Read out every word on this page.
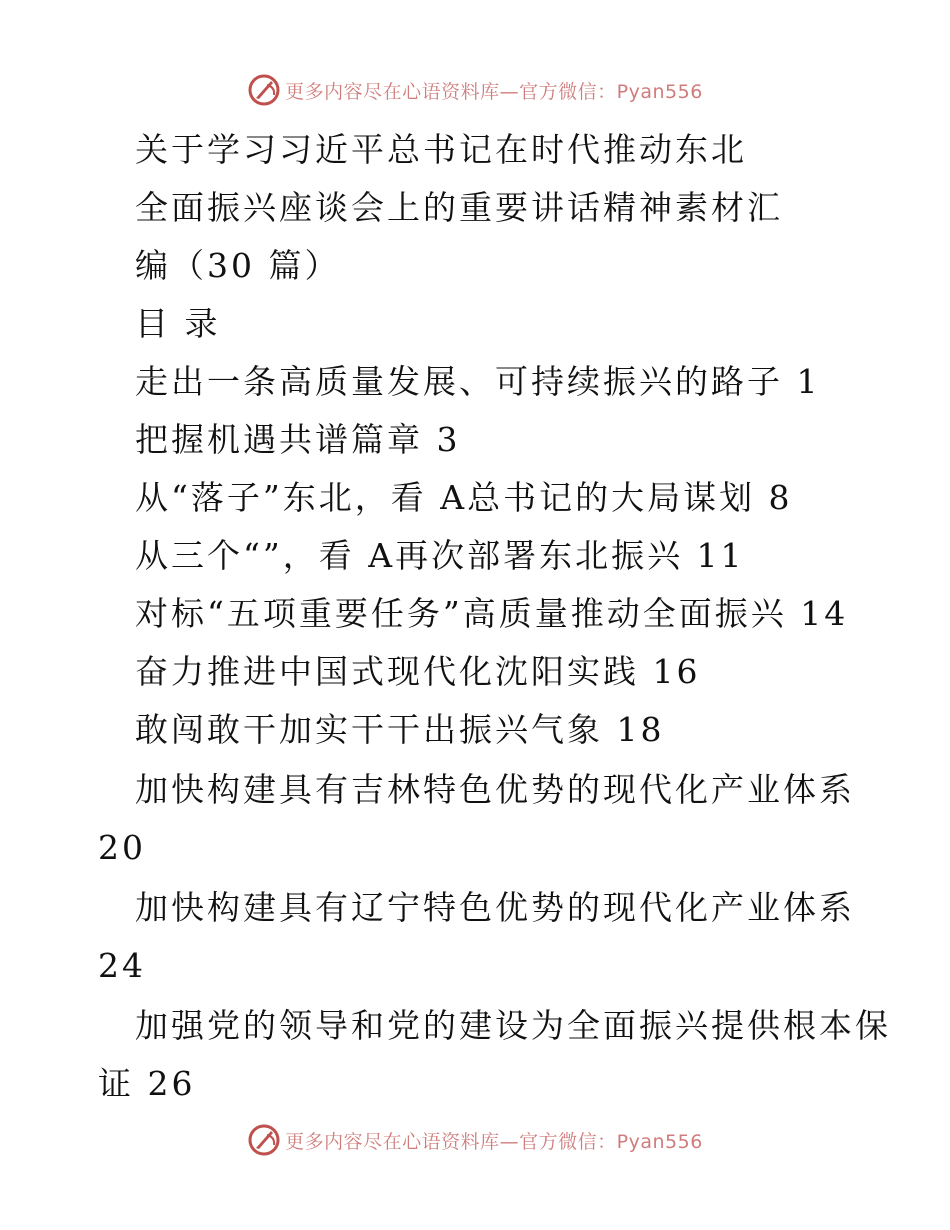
更多内容尽在心语资料库—官方微信：Pyan556
关于学习习近平总书记在时代推动东北
全面振兴座谈会上的重要讲话精神素材汇
编（30 篇）
目 录
走出一条高质量发展、可持续振兴的路子 1
把握机遇共谱篇章 3
从“落子”东北，看 A总书记的大局谋划 8
从三个“”，看 A再次部署东北振兴 11
对标“五项重要任务”高质量推动全面振兴 14
奋力推进中国式现代化沈阳实践 16
敢闯敢干加实干干出振兴气象 18
加快构建具有吉林特色优势的现代化产业体系
20
加快构建具有辽宁特色优势的现代化产业体系
24
加强党的领导和党的建设为全面振兴提供根本保
证 26
更多内容尽在心语资料库—官方微信：Pyan556
